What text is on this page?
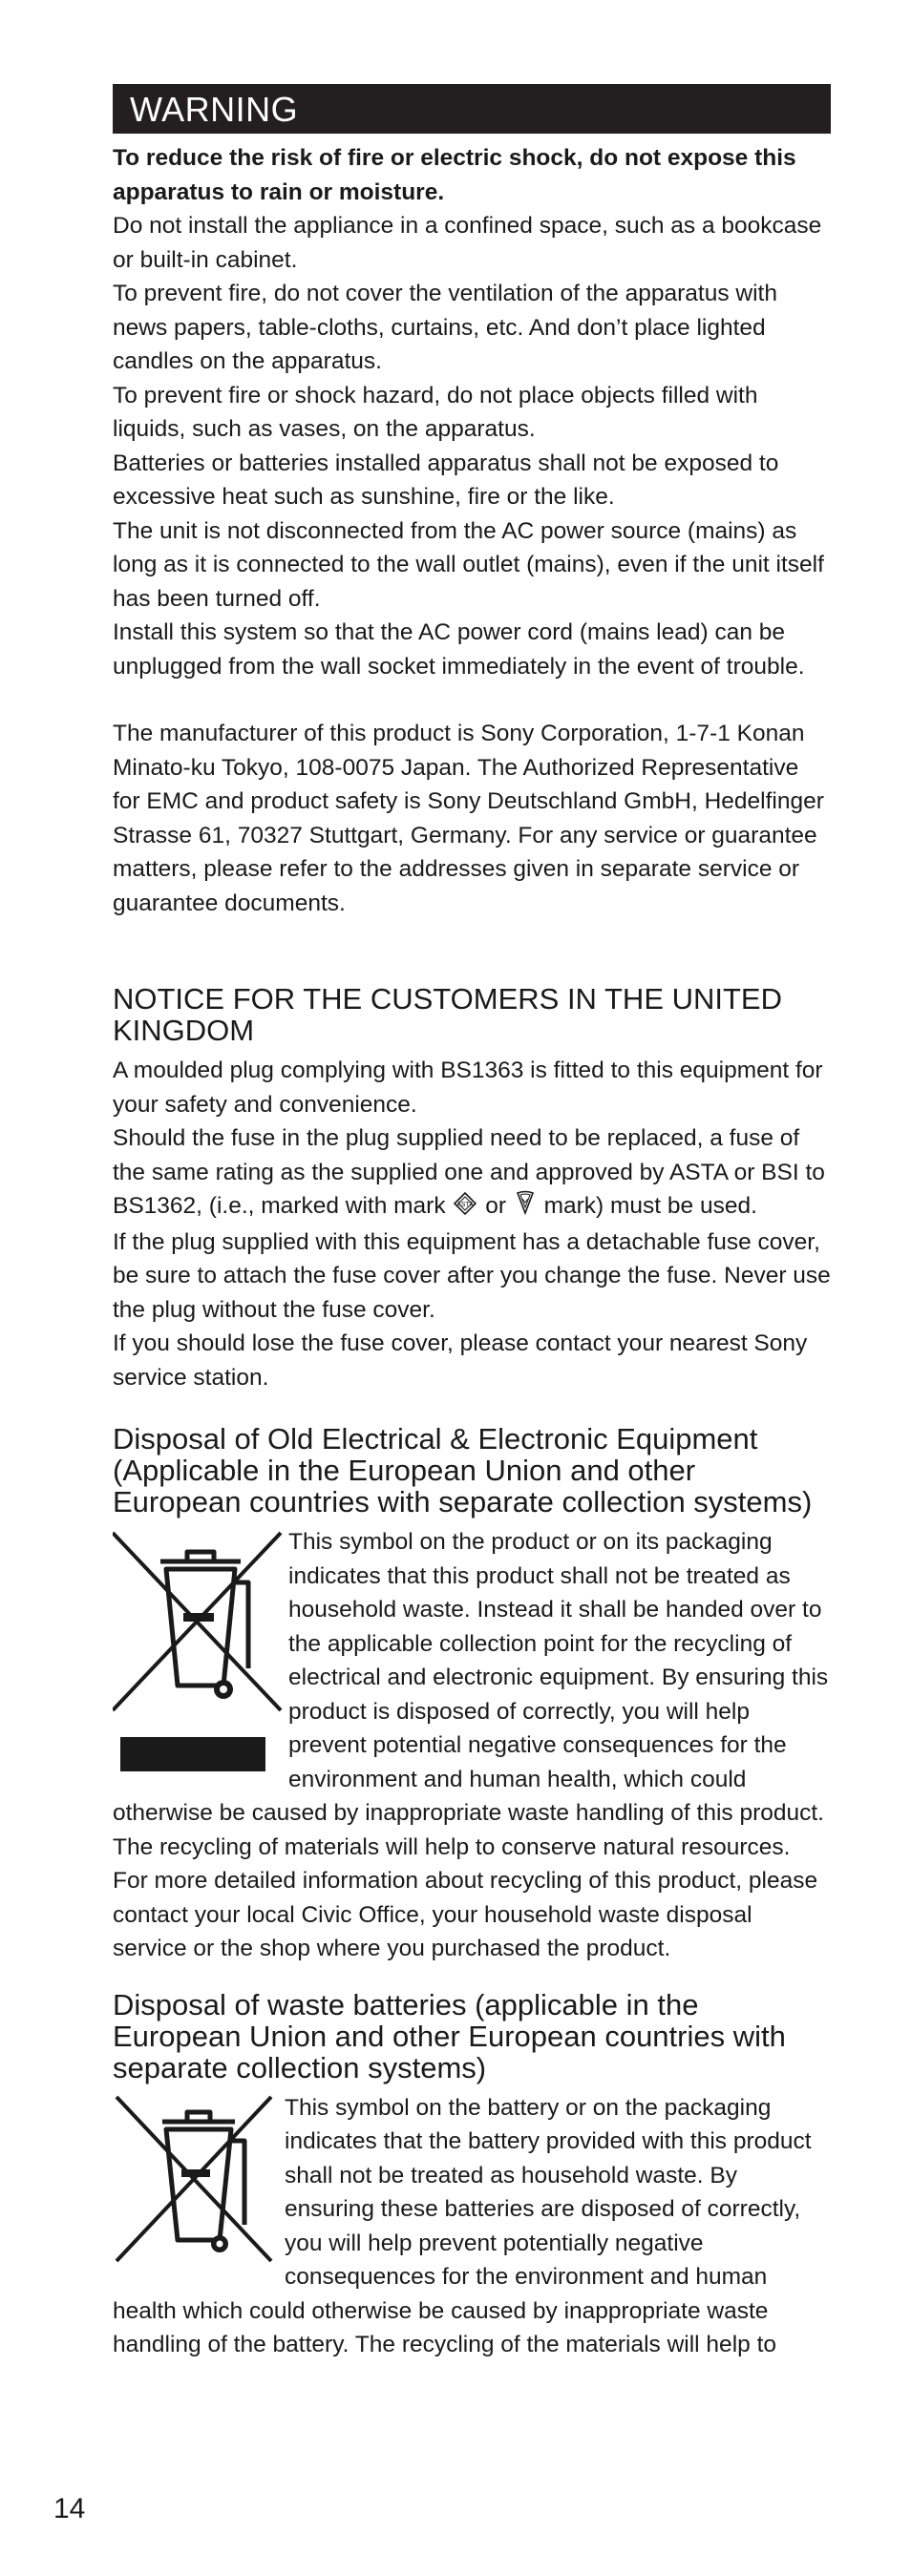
WARNING

To reduce the risk of fire or electric shock, do not expose this apparatus to rain or moisture.

Do not install the appliance in a confined space, such as a bookcase or built-in cabinet.

To prevent fire, do not cover the ventilation of the apparatus with news papers, table-cloths, curtains, etc. And don’t place lighted candles on the apparatus.

To prevent fire or shock hazard, do not place objects filled with liquids, such as vases, on the apparatus.

Batteries or batteries installed apparatus shall not be exposed to excessive heat such as sunshine, fire or the like.

The unit is not disconnected from the AC power source (mains) as long as it is connected to the wall outlet (mains), even if the unit itself has been turned off.

Install this system so that the AC power cord (mains lead) can be unplugged from the wall socket immediately in the event of trouble.

The manufacturer of this product is Sony Corporation, 1-7-1 Konan Minato-ku Tokyo, 108-0075 Japan. The Authorized Representative for EMC and product safety is Sony Deutschland GmbH, Hedelfinger Strasse 61, 70327 Stuttgart, Germany. For any service or guarantee matters, please refer to the addresses given in separate service or guarantee documents.

NOTICE FOR THE CUSTOMERS IN THE UNITED KINGDOM

A moulded plug complying with BS1363 is fitted to this equipment for your safety and convenience.

Should the fuse in the plug supplied need to be replaced, a fuse of the same rating as the supplied one and approved by ASTA or BSI to BS1362, (i.e., marked with mark ASTA or  mark) must be used.

If the plug supplied with this equipment has a detachable fuse cover, be sure to attach the fuse cover after you change the fuse. Never use the plug without the fuse cover.

If you should lose the fuse cover, please contact your nearest Sony service station.

Disposal of Old Electrical & Electronic Equipment (Applicable in the European Union and other European countries with separate collection systems)

This symbol on the product or on its packaging indicates that this product shall not be treated as household waste. Instead it shall be handed over to the applicable collection point for the recycling of electrical and electronic equipment. By ensuring this product is disposed of correctly, you will help prevent potential negative consequences for the environment and human health, which could otherwise be caused by inappropriate waste handling of this product. The recycling of materials will help to conserve natural resources. For more detailed information about recycling of this product, please contact your local Civic Office, your household waste disposal service or the shop where you purchased the product.

Disposal of waste batteries (applicable in the European Union and other European countries with separate collection systems)

This symbol on the battery or on the packaging indicates that the battery provided with this product shall not be treated as household waste. By ensuring these batteries are disposed of correctly, you will help prevent potentially negative consequences for the environment and human health which could otherwise be caused by inappropriate waste handling of the battery. The recycling of the materials will help to

14
